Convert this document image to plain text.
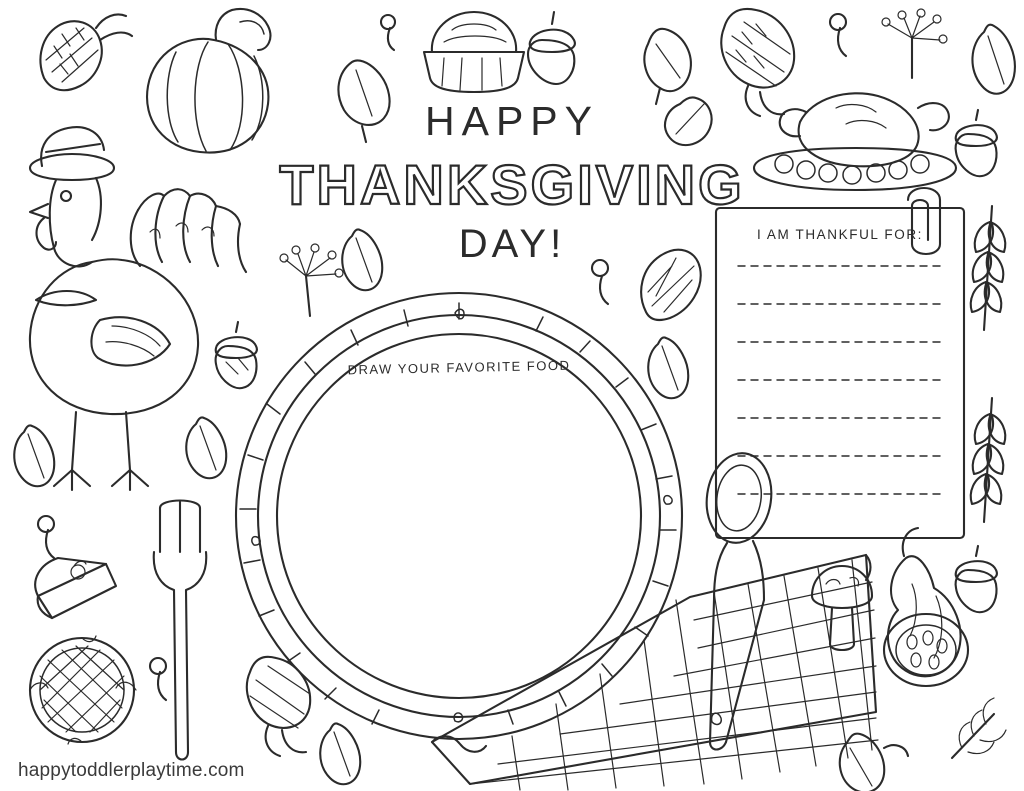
HAPPY
THANKSGIVING
DAY!	I AM THANKFUL FOR:
DRAW YOUR FAVORITE FOOD
happytoddlerplaytime.com
